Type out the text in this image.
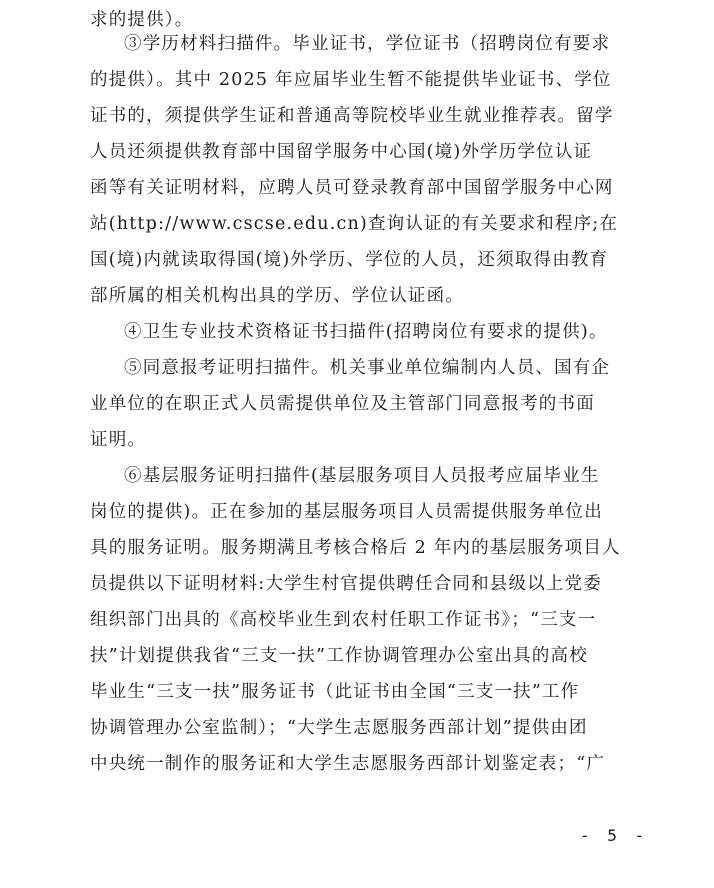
求的提供）。
③学历材料扫描件。毕业证书，学位证书（招聘岗位有要求
的提供）。其中 2025 年应届毕业生暂不能提供毕业证书、学位
证书的，须提供学生证和普通高等院校毕业生就业推荐表。留学
人员还须提供教育部中国留学服务中心国(境)外学历学位认证
函等有关证明材料，应聘人员可登录教育部中国留学服务中心网
站(http://www.cscse.edu.cn)查询认证的有关要求和程序;在
国(境)内就读取得国(境)外学历、学位的人员，还须取得由教育
部所属的相关机构出具的学历、学位认证函。
④卫生专业技术资格证书扫描件(招聘岗位有要求的提供)。
⑤同意报考证明扫描件。机关事业单位编制内人员、国有企
业单位的在职正式人员需提供单位及主管部门同意报考的书面
证明。
⑥基层服务证明扫描件(基层服务项目人员报考应届毕业生
岗位的提供)。正在参加的基层服务项目人员需提供服务单位出
具的服务证明。服务期满且考核合格后 2 年内的基层服务项目人
员提供以下证明材料:大学生村官提供聘任合同和县级以上党委
组织部门出具的《高校毕业生到农村任职工作证书》；“三支一
扶”计划提供我省“三支一扶”工作协调管理办公室出具的高校
毕业生“三支一扶”服务证书（此证书由全国“三支一扶”工作
协调管理办公室监制）；“大学生志愿服务西部计划”提供由团
中央统一制作的服务证和大学生志愿服务西部计划鉴定表；“广
- 5 -
